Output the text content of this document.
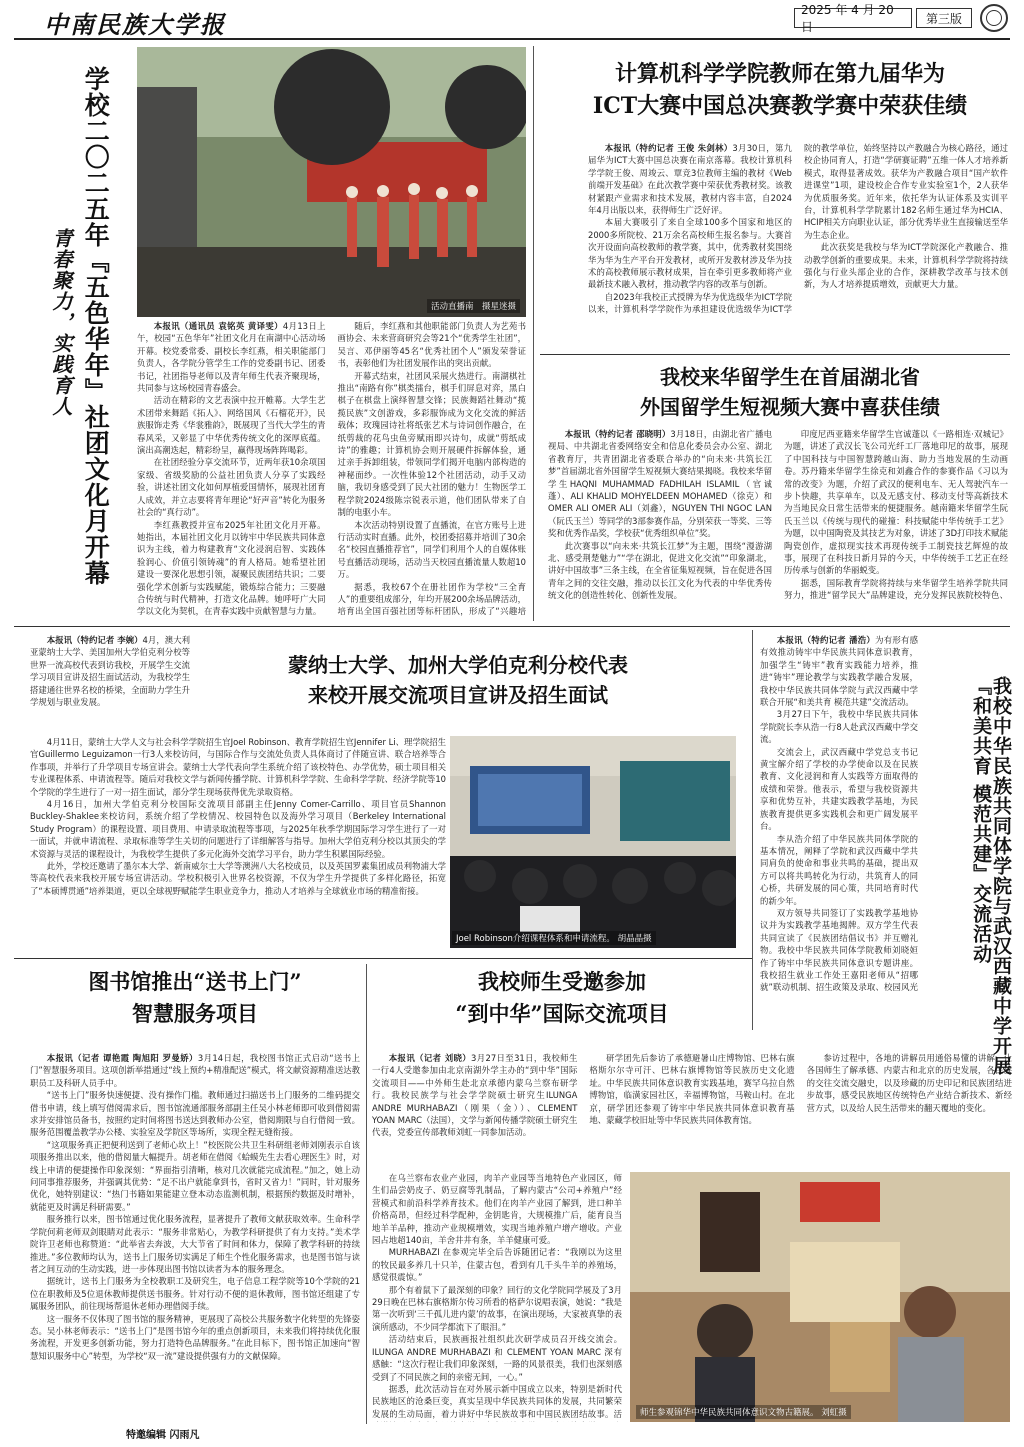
中南民族大学报	2025 年 4 月 20 日
第三版
学校二〇二五年『五色华年』社团文化月开幕
青春聚力，实践育人	活动直播南　摄星迷摄

本报讯（通讯员 袁铭英 黄译雯）4月13日上午，校园“五色华年”社团文化月在南湖中心活动场开幕。校党委常委、副校长李红燕，相关职能部门负责人，各学院分管学生工作的党委副书记、团委书记，社团指导老师以及青年师生代表齐聚现场，共同参与这场校园青春盛会。

活动在精彩的文艺表演中拉开帷幕。大学生艺术团带来舞蹈《拓人》、网络国风《石榴花开》，民族服饰走秀《华裳雅韵》，既展现了当代大学生的青春风采，又彰显了中华优秀传统文化的深厚底蕴。演出高潮迭起，精彩纷呈，赢得现场阵阵喝彩。

在社团经验分享交流环节，近两年获10余项国家级、省级奖励的公益社团负责人分享了实践经验，讲述社团文化如何厚植爱国情怀，展现社团育人成效，并立志要将青年理论“好声音”转化为服务社会的“真行动”。

李红燕教授并宣布2025年社团文化月开幕。她指出，本届社团文化月以铸牢中华民族共同体意识为主线，着力构建教育“文化浸润启智、实践体验润心、价值引领铸魂”的育人格局。她希望社团建设一要深化思想引领，凝聚民族团结共识；二要强化学术创新与实践赋能，锻炼综合能力；三要融合传统与时代精神，打造文化品牌。她呼吁广大同学以文化为契机，在青春实践中贡献智慧与力量。

随后，李红燕和其他职能部门负责人为艺苑书画协会、未来营商研究会等21个“优秀学生社团”，吴言、邓伊丽等45名“优秀社团个人”颁发荣誉证书，表彰他们为社团发展作出的突出贡献。

开幕式结束，社团风采展火热进行。南湖棋社推出“南路有你”棋类擂台，棋手们屏息对弈，黑白棋子在棋盘上演绎智慧交锋；民族舞蹈社舞动“揽揽民族”文创游戏，多彩服饰成为文化交流的鲜活载体；玫瑰园诗社将纸张艺术与诗词创作融合，在纸剪裁的花鸟虫鱼旁赋雨即兴诗句，成就“剪纸成诗”的雅趣；计算机协会则开展硬件拆解体验，通过亲手拆卸组装，带领同学们揭开电脑内部构造的神秘面纱。一次性体验12个社团活动，动手又动脑，我切身感受到了民大社团的魅力！生物医学工程学院2024级陈宗锐表示道，他们团队带来了自制的电驱小车。

本次活动特别设置了直播流，在官方账号上进行活动实时直播。此外，校团委招募并培训了30余名“校园直播推荐官”，同学们利用个人的自媒体账号直播活动现场，活动当天校园直播流量人数超10万。

据悉，我校67个在册社团作为学校“三全育人”的重要组成部分，年均开展200余场品牌活动，培育出全国百强社团等标杆团队，形成了“兴趣培

计算机科学学院教师在第九届华为
ICT大赛中国总决赛教学赛中荣获佳绩

本报讯（特约记者 王俊 朱剑林）3月30日，第九届华为ICT大赛中国总决赛在南京落幕。我校计算机科学学院王俊、周竣云、覃竞3位教师主编的教材《Web前端开发基础》在此次教学赛中荣获优秀教材奖。该教材紧跟产业需求和技术发展，教材内容丰富，自2024年4月出版以来，获得师生广泛好评。

本届大赛吸引了来自全球100多个国家和地区的2000多所院校、21万余名高校师生报名参与。大赛首次开设面向高校教师的教学赛，其中，优秀教材奖围绕华为华为生产平台开发教材，或所开发教材涉及华为技术的高校教师展示教材成果，旨在牵引更多教师将产业最新技术融入教材，推动教学内容的改革与创新。

自2023年我校正式授牌为华为优选级华为ICT学院以来，计算机科学学院作为承担建设优选级华为ICT学院的教学单位，始终坚持以产教融合为核心路径，通过校企协同育人，打造“学研赛证聘”五维一体人才培养新模式，取得显著成效。获华为产教融合项目“国产软件进课堂”1项，建设校企合作专业实验室1个，2人获华为优质服务奖。近年来，依托华为认证体系及实训平台，计算机科学学院累计182名师生通过华为HCIA、HCIP相关方向职业认证，部分优秀毕业生直接输送至华为生态企业。

此次获奖是我校与华为ICT学院深化产教融合、推动教学创新的重要成果。未来，计算机科学学院将持续强化与行业头部企业的合作，深耕教学改革与技术创新，为人才培养提质增效，贡献更大力量。

我校来华留学生在首届湖北省
外国留学生短视频大赛中喜获佳绩

本报讯（特约记者 邵晓明）3月18日，由湖北省广播电视局、中共湖北省委网络安全和信息化委员会办公室、湖北省教育厅，共青团湖北省委联合举办的“向未来·共筑长江梦”首届湖北省外国留学生短视频大赛结果揭晓。我校来华留学生HAQNI MUHAMMAD FADHILAH ISLAMIL（官诚蓬）、ALI KHALID MOHYELDEEN MOHAMED（徐克）和OMER ALI OMER ALI（刘鑫），NGUYEN THI NGOC LAN（阮氏玉兰）等同学的3部参赛作品，分别荣获一等奖、三等奖和优秀作品奖，学校获“优秀组织单位”奖。

此次赛事以“向未来·共筑长江梦”为主题，围绕“漫游湖北、感受荆楚魅力”“学在湖北，促进文化交流”“印象湖北，讲好中国故事”三条主线，在全省征集短视频，旨在促进各国青年之间的交往交融，推动以长江文化为代表的中华优秀传统文化的创造性转化、创新性发展。

印度尼西亚籍来华留学生官诚蓬以《一路相连·双城记》为题，讲述了武汉长飞公司光纤工厂落地印尼的故事，展现了中国科技与中国智慧跨越山海、助力当地发展的生动画卷。苏丹籍来华留学生徐克和刘鑫合作的参赛作品《习以为常的改变》为题，介绍了武汉的便利电车、无人驾驶汽车一步卜快趣，共享单车，以及无感支付、移动支付等高新技术为当地民众日常生活带来的便捷服务。越南籍来华留学生阮氏玉兰以《传统与现代的碰撞：科技赋能中华传统手工艺》为题，以中国陶瓷及其技艺为对象，讲述了3D打印技术赋能陶瓷创作，虚拟现实技术再现传统手工制瓷技艺辉煌的故事，展现了在科技日新月异的今天，中华传统手工艺正在经历传承与创新的华丽蜕变。

据悉，国际教育学院将持续与来华留学生培养学院共同努力，推进“留学民大”品牌建设，充分发挥民族院校特色、

本报讯（特约记者 李婉）4月，澳大利亚蒙纳士大学、美国加州大学伯克利分校等世界一流高校代表到访我校，开展学生交流学习项目宣讲及招生面试活动，为我校学生搭建通往世界名校的桥梁，全面助力学生升学规划与职业发展。

蒙纳士大学、加州大学伯克利分校代表
来校开展交流项目宣讲及招生面试

4月11日，蒙纳士大学人文与社会科学学院招生官Joel Robinson、教育学院招生官Jennifer Li、理学院招生官Guillermo Leguizamon一行3人来校访问，与国际合作与交流处负责人具体商讨了伴随宣讲、联合培养等合作事项，并举行了升学项目专场宣讲会。蒙纳士大学代表向学生系统介绍了该校特色、办学优势，硕士项目相关专业课程体系、申请流程等。随后对我校文学与新闻传播学院、计算机科学学院、生命科学学院、经济学院等10个学院的学生进行了一对一招生面试，部分学生现场获得优先录取资格。

4月16日，加州大学伯克利分校国际交流项目部副主任Jenny Comer-Carrillo、项目官员Shannon Buckley-Shaklee来校访问，系统介绍了学校情况、校园特色以及海外学习项目（Berkeley International Study Program）的课程设置、项目费用、申请录取流程等事项，与2025年秋季学期国际学习学生进行了一对一面试，并就申请流程、录取标准等学生关切的问题进行了详细解答与指导。加州大学伯克利分校以其顶尖的学术资源与灵活的课程设计，为我校学生提供了多元化海外交流学习平台，助力学生积累国际经验。

此外，学校还邀请了墨尔本大学、新南威尔士大学等澳洲八大名校成员，以及英国罗素集团成员利物浦大学等高校代表来我校开展专场宣讲活动。学校积极引入世界名校资源，不仅为学生升学提供了多样化路径，拓宽了“本硕博贯通”培养渠道，更以全球视野赋能学生职业竞争力，推动人才培养与全球就业市场的精准衔接。

Joel Robinson介绍课程体系和申请流程。 胡晶晶摄

本报讯（特约记者 潘浩）为有形有感有效推动铸牢中华民族共同体意识教育，加强学生“铸牢”教育实践能力培养，推进“铸牢”理论教学与实践教学融合发展，我校中华民族共同体学院与武汉西藏中学联合开展“和美共育 模范共建”交流活动。

3月27日下午，我校中华民族共同体学院院长李从浩一行8人赴武汉西藏中学交流。

交流会上，武汉西藏中学党总支书记黄宝解介绍了学校的办学使命以及在民族教育、文化浸润和育人实践等方面取得的成绩和荣誉。他表示，希望与我校资源共享和优势互补，共建实践教学基地，为民族教育提供更多实践机会和更广阔发展平台。

李从浩介绍了中华民族共同体学院的基本情况，阐释了学院和武汉西藏中学共同肩负的使命和事业共鸣的基础，提出双方可以将共鸣转化为行动，共筑育人的同心桥，共研发展的同心策，共同培育时代的新少年。

双方领导共同签订了实践教学基地协议并为实践教学基地揭牌。双方学生代表共同宣读了《民族团结倡议书》并互赠礼物。我校中华民族共同体学院教师刘晓姮作了铸牢中华民族共同体意识专题讲座。我校招生就业工作处王嘉阳老师从“招哪就”联动机制、招生政策及录取、校园风光	我校中华民族共同体学院与武汉西藏中学开展『和美共育 模范共建』交流活动
图书馆推出“送书上门”
智慧服务项目

本报讯（记者 谭艳霞 陶旭阳 罗曼娇）3月14日起，我校图书馆正式启动“送书上门”智慧服务项目。这项创新举措通过“线上预约+精准配送”模式，将文献资源精准送达教职员工及科研人员手中。

“送书上门”服务快速便捷、没有操作门槛。教师通过扫描送书上门服务的二维码提交借书申请，线上填写借阅需求后，图书馆流通部服务部副主任吴小林老师即可收到借阅需求并安排馆员备书，按照约定时间将图书送达到教师办公室，借阅期限与自行借阅一致。服务范围覆盖教学办公楼、实验室及学院区等场所，实现全程无缝衔接。

“这项服务真正把便利送到了老师心坎上！”校医院公共卫生科研组老师刘刚表示自该项服务推出以来，他的借阅量大幅提升。胡老师在借阅《蛤蟆先生去看心理医生》时，对线上申请的便捷操作印象深刻：“界面指引清晰，核对几次就能完成流程。”加之，她上动问同事推荐服务，并强调其优势：“足不出户就能拿到书，省时又省力！”同时，针对服务优化，她特别建议：“热门书籍如果能建立登本动态监测机制，根据预约数据及时增补，就能更及时满足科研需要。”

服务推行以来，图书馆通过优化服务流程，显著提升了教师文献获取效率。生命科学学院何莉老师双剑眼睛对此表示：“服务非常贴心，为教学科研提供了有力支持。”美术学院许卫老师也称赞道：“此举省去奔波，大大节省了时间和体力，保障了教学科研的持续推进。”多位教师均认为，送书上门服务切实满足了师生个性化服务需求，也是图书馆与读者之间互动的生动实践，进一步体现出图书馆以读者为本的服务理念。

据统计，送书上门服务为全校教职工及研究生，电子信息工程学院等10个学院的21位在职教师及5位退休教师提供送书服务。针对行动不便的退休教师，图书馆还组建了专属服务团队，前往现场帮退休老师办理借阅手续。

这一服务不仅体现了图书馆的服务精神，更展现了高校公共服务数字化转型的先锋姿态。吴小林老师表示：“送书上门”是图书馆今年的重点创新项目，未来我们将持续优化服务流程，开发更多创新功能，努力打造特色品牌服务。”在此目标下，图书馆正加速向“智慧知识服务中心”转型，为学校“双一流”建设提供强有力的文献保障。

我校师生受邀参加
“到中华”国际交流项目

本报讯（记者 刘晓）3月27日至31日，我校师生一行4人受邀参加由北京南湖外学主办的“到中华”国际交流项目——中外师生赴北京承德内蒙乌兰察布研学行。我校民族学与社会学学院硕士研究生ILUNGA ANDRE MURHABAZI（刚果（金））、CLEMENT YOAN MARC（法国），文学与新闻传播学院硕士研究生代表，党委宣传部教师刘虹一同参加活动。

研学团先后参访了承德避暑山庄博物馆、巴林右旗格斯尔尔寺可汗、巴林右旗博物馆等民族历史文化遗址。中华民族共同体意识教育实践基地，赛罕乌拉自然博物馆，临潢家园社区，幸福博物馆，马鞍山村。在北京，研学团还参观了铸牢中华民族共同体意识教育基地、蒙藏学校旧址等中华民族共同体教育馆。

参访过程中，各地的讲解员用通俗易懂的讲解，让各国师生了解承德、内蒙古和北京的历史发展，各民族的交往交流交融史，以及珍藏的历史印记和民族团结进步故事，感受民族地区传统特色产业结合新技术、新经营方式，以及给人民生活带来的翻天覆地的变化。

在乌兰察布农业产业园，肉羊产业园等当地特色产业园区，师生们品尝奶皮子、奶豆腐等乳制品，了解内蒙古“公司+养殖户”经营模式和前沿科学养育技术。他们在肉羊产业园了解到，进口种羊价格高昂，但经过科学配种，金钥匙肯，大规模推广后，能育良当地羊羊品种，推动产业规模增效，实现当地养殖户增产增收。产业园占地超140亩，羊舍井井有条，羊羊健康可爱。

MURHABAZI 在参观完毕全后告诉随团记者：“我刚以为这里的牧民最多养几十只羊，住蒙古包，看到有几千头牛羊的养殖场，感觉很震惊。”

那个有着鼠下了最深刻的印象？回行的文化学院同学展及了3月29日晚在巴林右旗格斯尔传习所看的格萨尔说唱表演，她说：“我是第一次听到‘三千孤儿进内蒙’的故事，在演出现场，大家被真挚的表演所感动，不少同学都流下了眼泪。”

活动结束后，民族画报社组织此次研学成员召开线交流会。ILUNGA ANDRE MURHABAZI 和 CLEMENT YOAN MARC 深有感触：“这次行程让我们印象深刻，一路的风景很美，我们也深刻感受到了不同民族之间的亲密无间，一心。”

据悉，此次活动旨在对外展示新中国成立以来，特别是新时代民族地区的沧桑巨变，真实呈现中华民族共同体的发展，共同繁荣发展的生动局面，着力讲好中华民族故事和中国民族团结故事。活	师生参观锦华中华民族共同体意识文物古籍展。 刘虹摄
特邀编辑 闪雨凡
